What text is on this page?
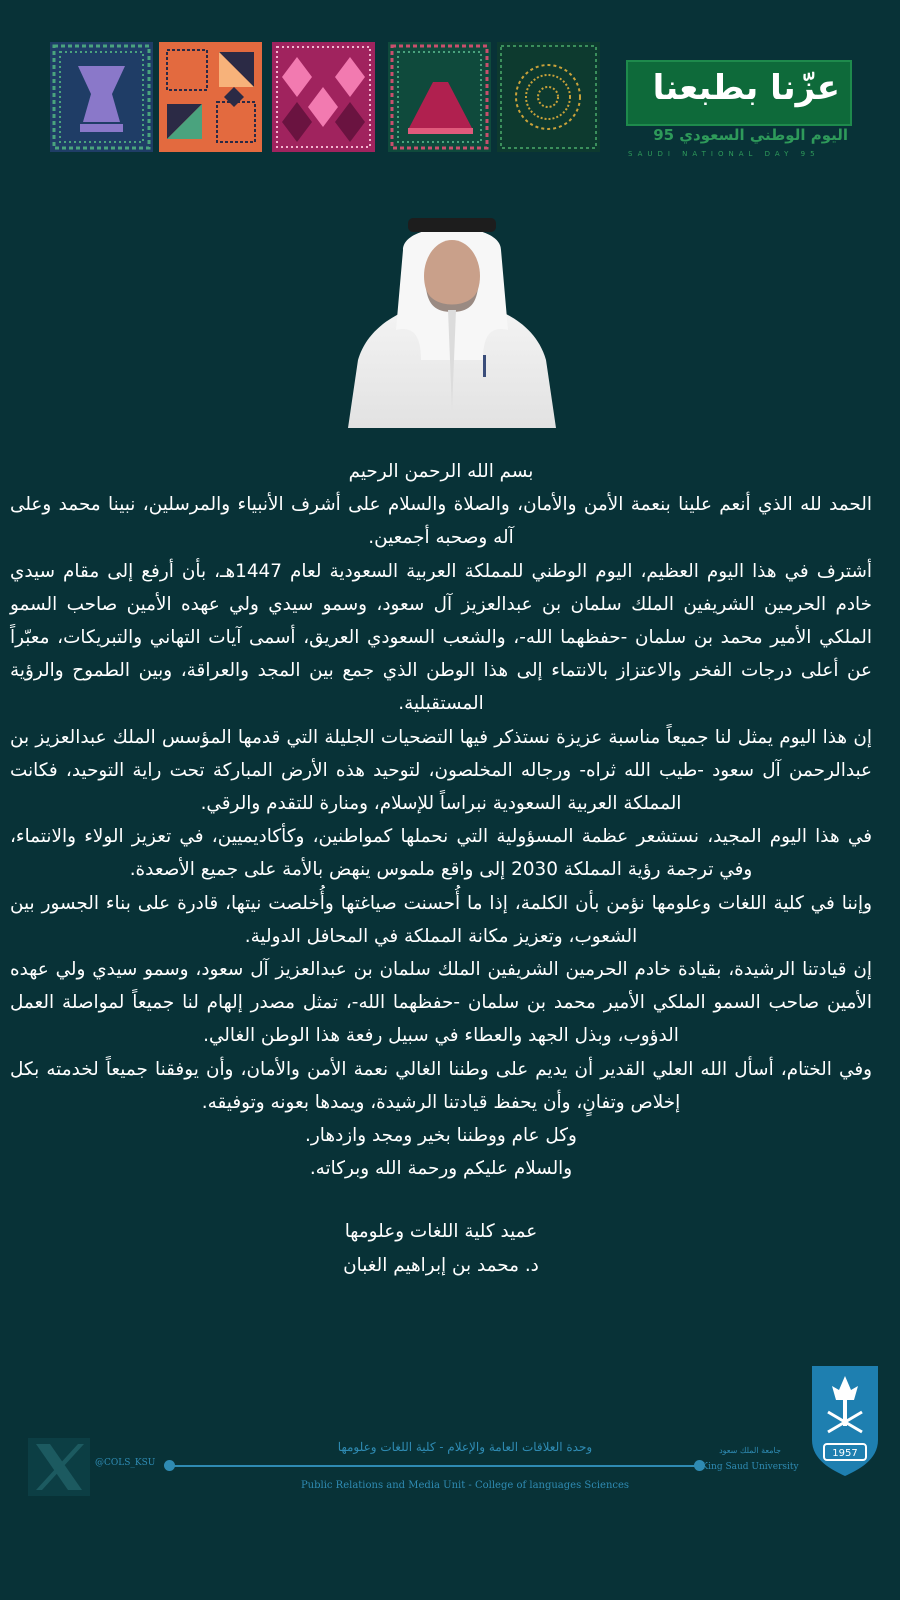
عزّنا بطبعنا
اليوم الوطني السعودي 95
SAUDI NATIONAL DAY 95

بسم الله الرحمن الرحيم

الحمد لله الذي أنعم علينا بنعمة الأمن والأمان، والصلاة والسلام على أشرف الأنبياء والمرسلين، نبينا محمد وعلى آله وصحبه أجمعين.

أشترف في هذا اليوم العظيم، اليوم الوطني للمملكة العربية السعودية لعام 1447هـ، بأن أرفع إلى مقام سيدي خادم الحرمين الشريفين الملك سلمان بن عبدالعزيز آل سعود، وسمو سيدي ولي عهده الأمين صاحب السمو الملكي الأمير محمد بن سلمان -حفظهما الله-، والشعب السعودي العريق، أسمى آيات التهاني والتبريكات، معبّراً عن أعلى درجات الفخر والاعتزاز بالانتماء إلى هذا الوطن الذي جمع بين المجد والعراقة، وبين الطموح والرؤية المستقبلية.

إن هذا اليوم يمثل لنا جميعاً مناسبة عزيزة نستذكر فيها التضحيات الجليلة التي قدمها المؤسس الملك عبدالعزيز بن عبدالرحمن آل سعود -طيب الله ثراه- ورجاله المخلصون، لتوحيد هذه الأرض المباركة تحت راية التوحيد، فكانت المملكة العربية السعودية نبراساً للإسلام، ومنارة للتقدم والرقي.

في هذا اليوم المجيد، نستشعر عظمة المسؤولية التي نحملها كمواطنين، وكأكاديميين، في تعزيز الولاء والانتماء، وفي ترجمة رؤية المملكة 2030 إلى واقع ملموس ينهض بالأمة على جميع الأصعدة.

وإننا في كلية اللغات وعلومها نؤمن بأن الكلمة، إذا ما أُحسنت صياغتها وأُخلصت نيتها، قادرة على بناء الجسور بين الشعوب، وتعزيز مكانة المملكة في المحافل الدولية.

إن قيادتنا الرشيدة، بقيادة خادم الحرمين الشريفين الملك سلمان بن عبدالعزيز آل سعود، وسمو سيدي ولي عهده الأمين صاحب السمو الملكي الأمير محمد بن سلمان -حفظهما الله-، تمثل مصدر إلهام لنا جميعاً لمواصلة العمل الدؤوب، وبذل الجهد والعطاء في سبيل رفعة هذا الوطن الغالي.

وفي الختام، أسأل الله العلي القدير أن يديم على وطننا الغالي نعمة الأمن والأمان، وأن يوفقنا جميعاً لخدمته بكل إخلاص وتفانٍ، وأن يحفظ قيادتنا الرشيدة، ويمدها بعونه وتوفيقه.

وكل عام ووطننا بخير ومجد وازدهار.

والسلام عليكم ورحمة الله وبركاته.

عميد كلية اللغات وعلومها

د. محمد بن إبراهيم الغبان

@COLS_KSU
وحدة العلاقات العامة والإعلام - كلية اللغات وعلومها
Public Relations and Media Unit - College of languages Sciences
جامعة الملك سعود
King Saud University
1957
